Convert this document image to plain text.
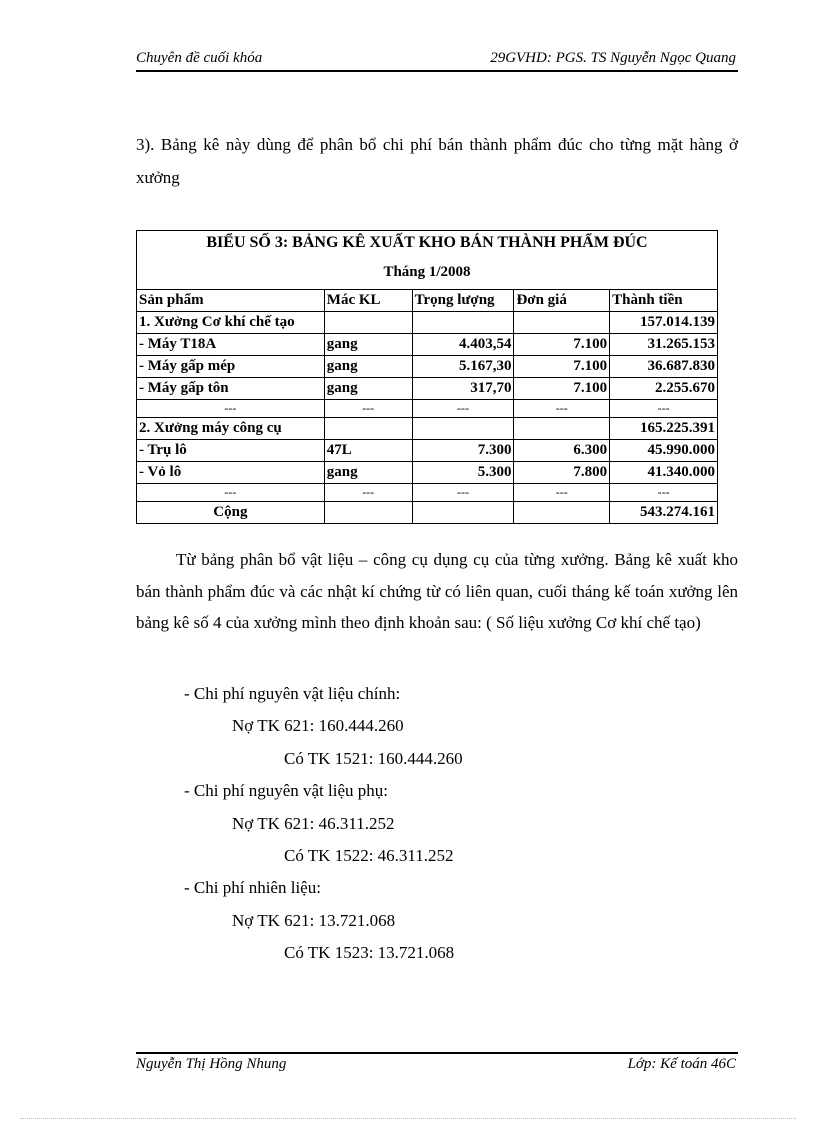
Chuyên đề cuối khóa	29GVHD: PGS. TS Nguyễn Ngọc Quang
3). Bảng kê này dùng để phân bổ chi phí bán thành phẩm đúc cho từng mặt hàng ở xưởng
BIỂU SỐ 3: BẢNG KÊ XUẤT KHO BÁN THÀNH PHẨM ĐÚC				
Tháng 1/2008				
Sản phẩm	Mác KL	Trọng lượng	Đơn giá	Thành tiền
1. Xưởng Cơ khí chế tạo				157.014.139
- Máy T18A	gang	4.403,54	7.100	31.265.153
- Máy gấp mép	gang	5.167,30	7.100	36.687.830
- Máy gấp tôn	gang	317,70	7.100	2.255.670
---	---	---	---	---
2. Xưởng máy công cụ				165.225.391
- Trụ lô	47L	7.300	6.300	45.990.000
- Vỏ lô	gang	5.300	7.800	41.340.000
---	---	---	---	---
Cộng				543.274.161

Từ bảng phân bổ vật liệu – công cụ dụng cụ của từng xưởng. Bảng kê xuất kho bán thành phẩm đúc và các nhật kí chứng từ có liên quan, cuối tháng kế toán xưởng lên bảng kê số 4 của xưởng mình theo định khoản sau: ( Số liệu xưởng Cơ khí chế tạo)

- Chi phí nguyên vật liệu chính:
Nợ TK 621: 160.444.260
Có TK 1521: 160.444.260
- Chi phí nguyên vật liệu phụ:
Nợ TK 621: 46.311.252
Có TK 1522: 46.311.252
- Chi phí nhiên liệu:
Nợ TK 621: 13.721.068
Có TK 1523: 13.721.068
Nguyễn Thị Hồng Nhung	Lớp: Kế toán 46C
